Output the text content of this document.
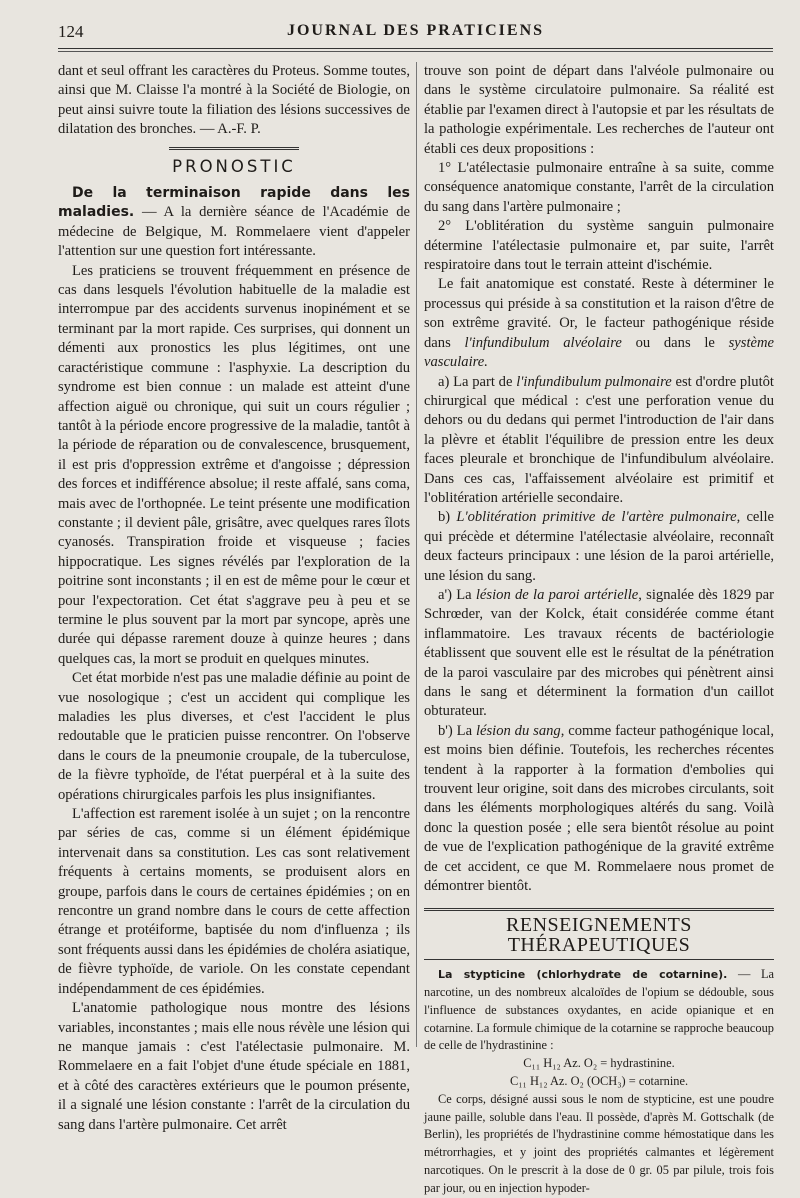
124	JOURNAL DES PRATICIENS

dant et seul offrant les caractères du Proteus. Somme toutes, ainsi que M. Claisse l'a montré à la Société de Biologie, on peut ainsi suivre toute la filiation des lésions successives de dilatation des bronches. — A.-F. P.

PRONOSTIC

De la terminaison rapide dans les maladies. — A la dernière séance de l'Académie de médecine de Belgique, M. Rommelaere vient d'appeler l'attention sur une question fort intéressante.

Les praticiens se trouvent fréquemment en présence de cas dans lesquels l'évolution habituelle de la maladie est interrompue par des accidents survenus inopinément et se terminant par la mort rapide. Ces surprises, qui donnent un démenti aux pronostics les plus légitimes, ont une caractéristique commune : l'asphyxie. La description du syndrome est bien connue : un malade est atteint d'une affection aiguë ou chronique, qui suit un cours régulier ; tantôt à la période encore progressive de la maladie, tantôt à la période de réparation ou de convalescence, brusquement, il est pris d'oppression extrême et d'angoisse ; dépression des forces et indifférence absolue; il reste affalé, sans coma, mais avec de l'orthopnée. Le teint présente une modification constante ; il devient pâle, grisâtre, avec quelques rares îlots cyanosés. Transpiration froide et visqueuse ; facies hippocratique. Les signes révélés par l'exploration de la poitrine sont inconstants ; il en est de même pour le cœur et pour l'expectoration. Cet état s'aggrave peu à peu et se termine le plus souvent par la mort par syncope, après une durée qui dépasse rarement douze à quinze heures ; dans quelques cas, la mort se produit en quelques minutes.

Cet état morbide n'est pas une maladie définie au point de vue nosologique ; c'est un accident qui complique les maladies les plus diverses, et c'est l'accident le plus redoutable que le praticien puisse rencontrer. On l'observe dans le cours de la pneumonie croupale, de la tuberculose, de la fièvre typhoïde, de l'état puerpéral et à la suite des opérations chirurgicales parfois les plus insignifiantes.

L'affection est rarement isolée à un sujet ; on la rencontre par séries de cas, comme si un élément épidémique intervenait dans sa constitution. Les cas sont relativement fréquents à certains moments, se produisent alors en groupe, parfois dans le cours de certaines épidémies ; on en rencontre un grand nombre dans le cours de cette affection étrange et protéiforme, baptisée du nom d'influenza ; ils sont fréquents aussi dans les épidémies de choléra asiatique, de fièvre typhoïde, de variole. On les constate cependant indépendamment de ces épidémies.

L'anatomie pathologique nous montre des lésions variables, inconstantes ; mais elle nous révèle une lésion qui ne manque jamais : c'est l'atélectasie pulmonaire. M. Rommelaere en a fait l'objet d'une étude spéciale en 1881, et à côté des caractères extérieurs que le poumon présente, il a signalé une lésion constante : l'arrêt de la circulation du sang dans l'artère pulmonaire. Cet arrêt

trouve son point de départ dans l'alvéole pulmonaire ou dans le système circulatoire pulmonaire. Sa réalité est établie par l'examen direct à l'autopsie et par les résultats de la pathologie expérimentale. Les recherches de l'auteur ont établi ces deux propositions :

1° L'atélectasie pulmonaire entraîne à sa suite, comme conséquence anatomique constante, l'arrêt de la circulation du sang dans l'artère pulmonaire ;

2° L'oblitération du système sanguin pulmonaire détermine l'atélectasie pulmonaire et, par suite, l'arrêt respiratoire dans tout le terrain atteint d'ischémie.

Le fait anatomique est constaté. Reste à déterminer le processus qui préside à sa constitution et la raison d'être de son extrême gravité. Or, le facteur pathogénique réside dans l'infundibulum alvéolaire ou dans le système vasculaire.

a) La part de l'infundibulum pulmonaire est d'ordre plutôt chirurgical que médical : c'est une perforation venue du dehors ou du dedans qui permet l'introduction de l'air dans la plèvre et établit l'équilibre de pression entre les deux faces pleurale et bronchique de l'infundibulum alvéolaire. Dans ces cas, l'affaissement alvéolaire est primitif et l'oblitération artérielle secondaire.

b) L'oblitération primitive de l'artère pulmonaire, celle qui précède et détermine l'atélectasie alvéolaire, reconnaît deux facteurs principaux : une lésion de la paroi artérielle, une lésion du sang.

a') La lésion de la paroi artérielle, signalée dès 1829 par Schrœder, van der Kolck, était considérée comme étant inflammatoire. Les travaux récents de bactériologie établissent que souvent elle est le résultat de la pénétration de la paroi vasculaire par des microbes qui pénètrent ainsi dans le sang et déterminent la formation d'un caillot obturateur.

b') La lésion du sang, comme facteur pathogénique local, est moins bien définie. Toutefois, les recherches récentes tendent à la rapporter à la formation d'embolies qui trouvent leur origine, soit dans des microbes circulants, soit dans les éléments morphologiques altérés du sang. Voilà donc la question posée ; elle sera bientôt résolue au point de vue de l'explication pathogénique de la gravité extrême de cet accident, ce que M. Rommelaere nous promet de démontrer bientôt.

RENSEIGNEMENTS THÉRAPEUTIQUES

La stypticine (chlorhydrate de cotarnine). — La narcotine, un des nombreux alcaloïdes de l'opium se dédouble, sous l'influence de substances oxydantes, en acide opianique et en cotarnine. La formule chimique de la cotarnine se rapproche beaucoup de celle de l'hydrastinine :

C₁₁ H₁₂ Az. O₂ = hydrastinine.
C₁₁ H₁₂ Az. O₂ (OCH₃) = cotarnine.

Ce corps, désigné aussi sous le nom de stypticine, est une poudre jaune paille, soluble dans l'eau. Il possède, d'après M. Gottschalk (de Berlin), les propriétés de l'hydrastinine comme hémostatique dans les métrorrhagies, et y joint des propriétés calmantes et légèrement narcotiques. On le prescrit à la dose de 0 gr. 05 par pilule, trois fois par jour, ou en injection hypoder-
